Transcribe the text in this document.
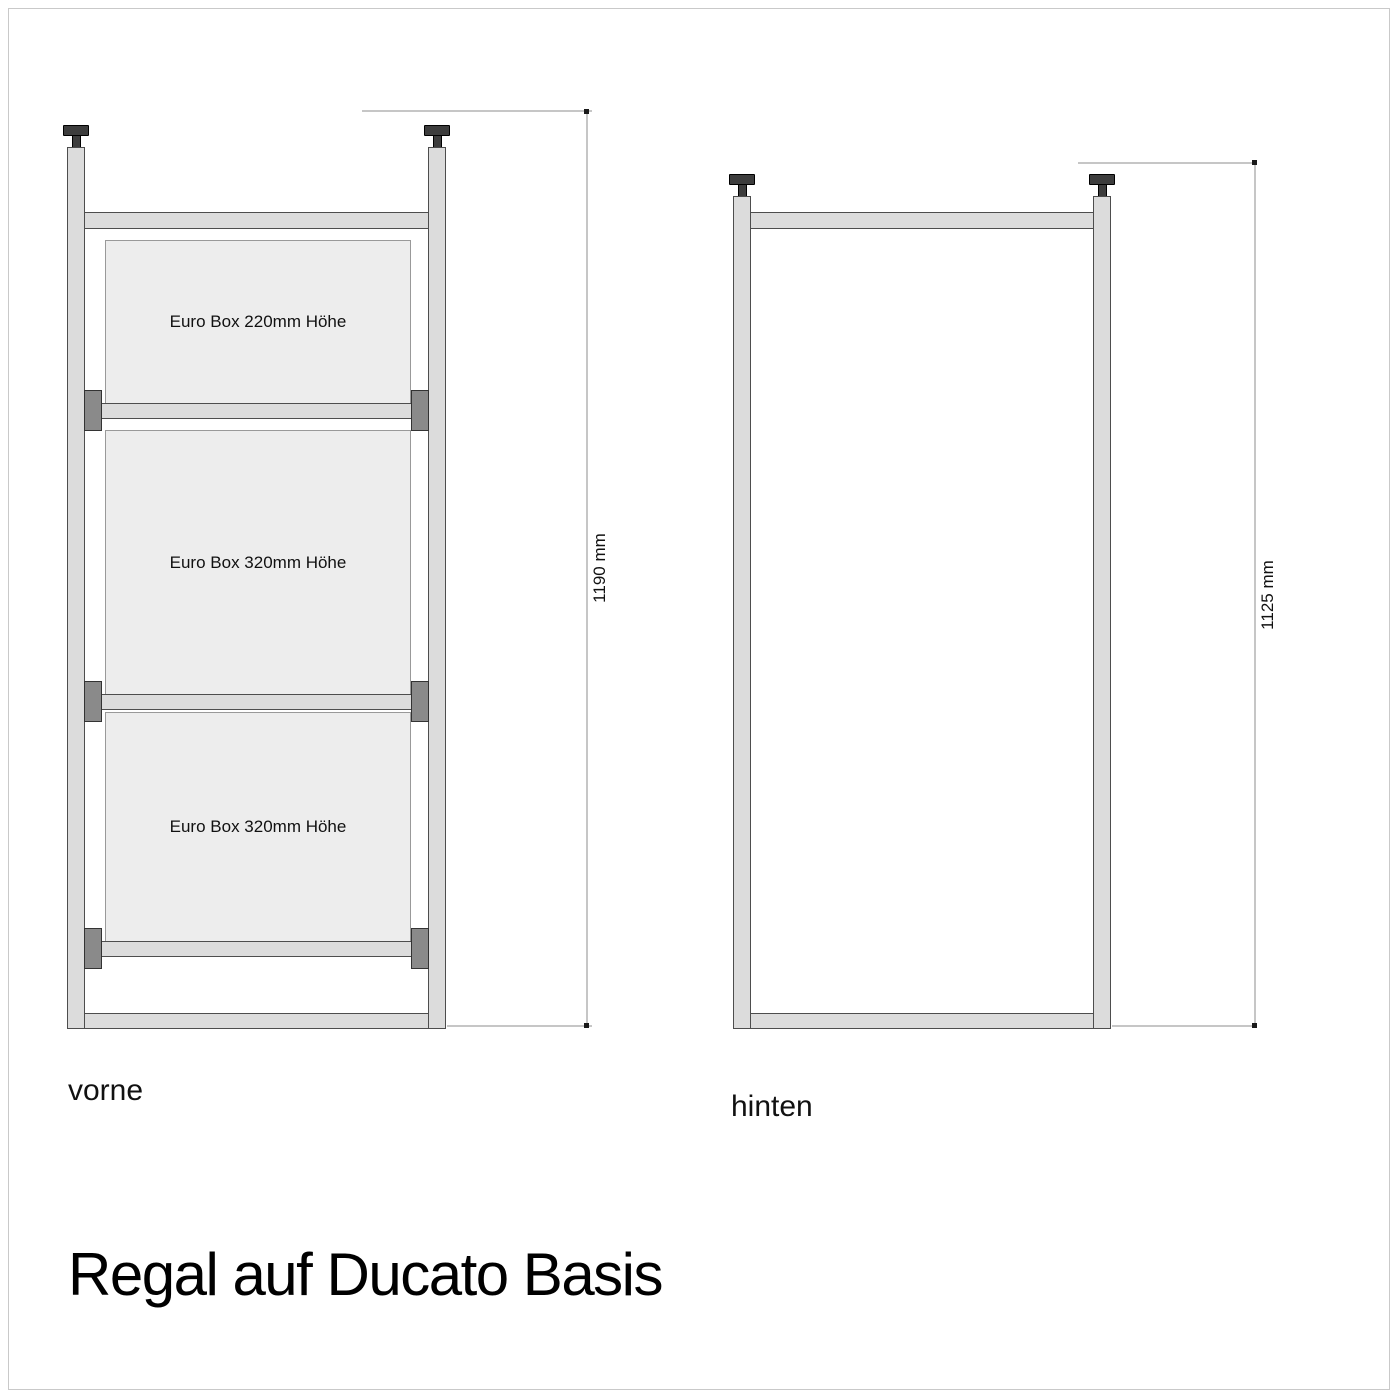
Euro Box 220mm Höhe
Euro Box 320mm Höhe
Euro Box 320mm Höhe
1190 mm
vorne
1125 mm
hinten
Regal auf Ducato Basis
